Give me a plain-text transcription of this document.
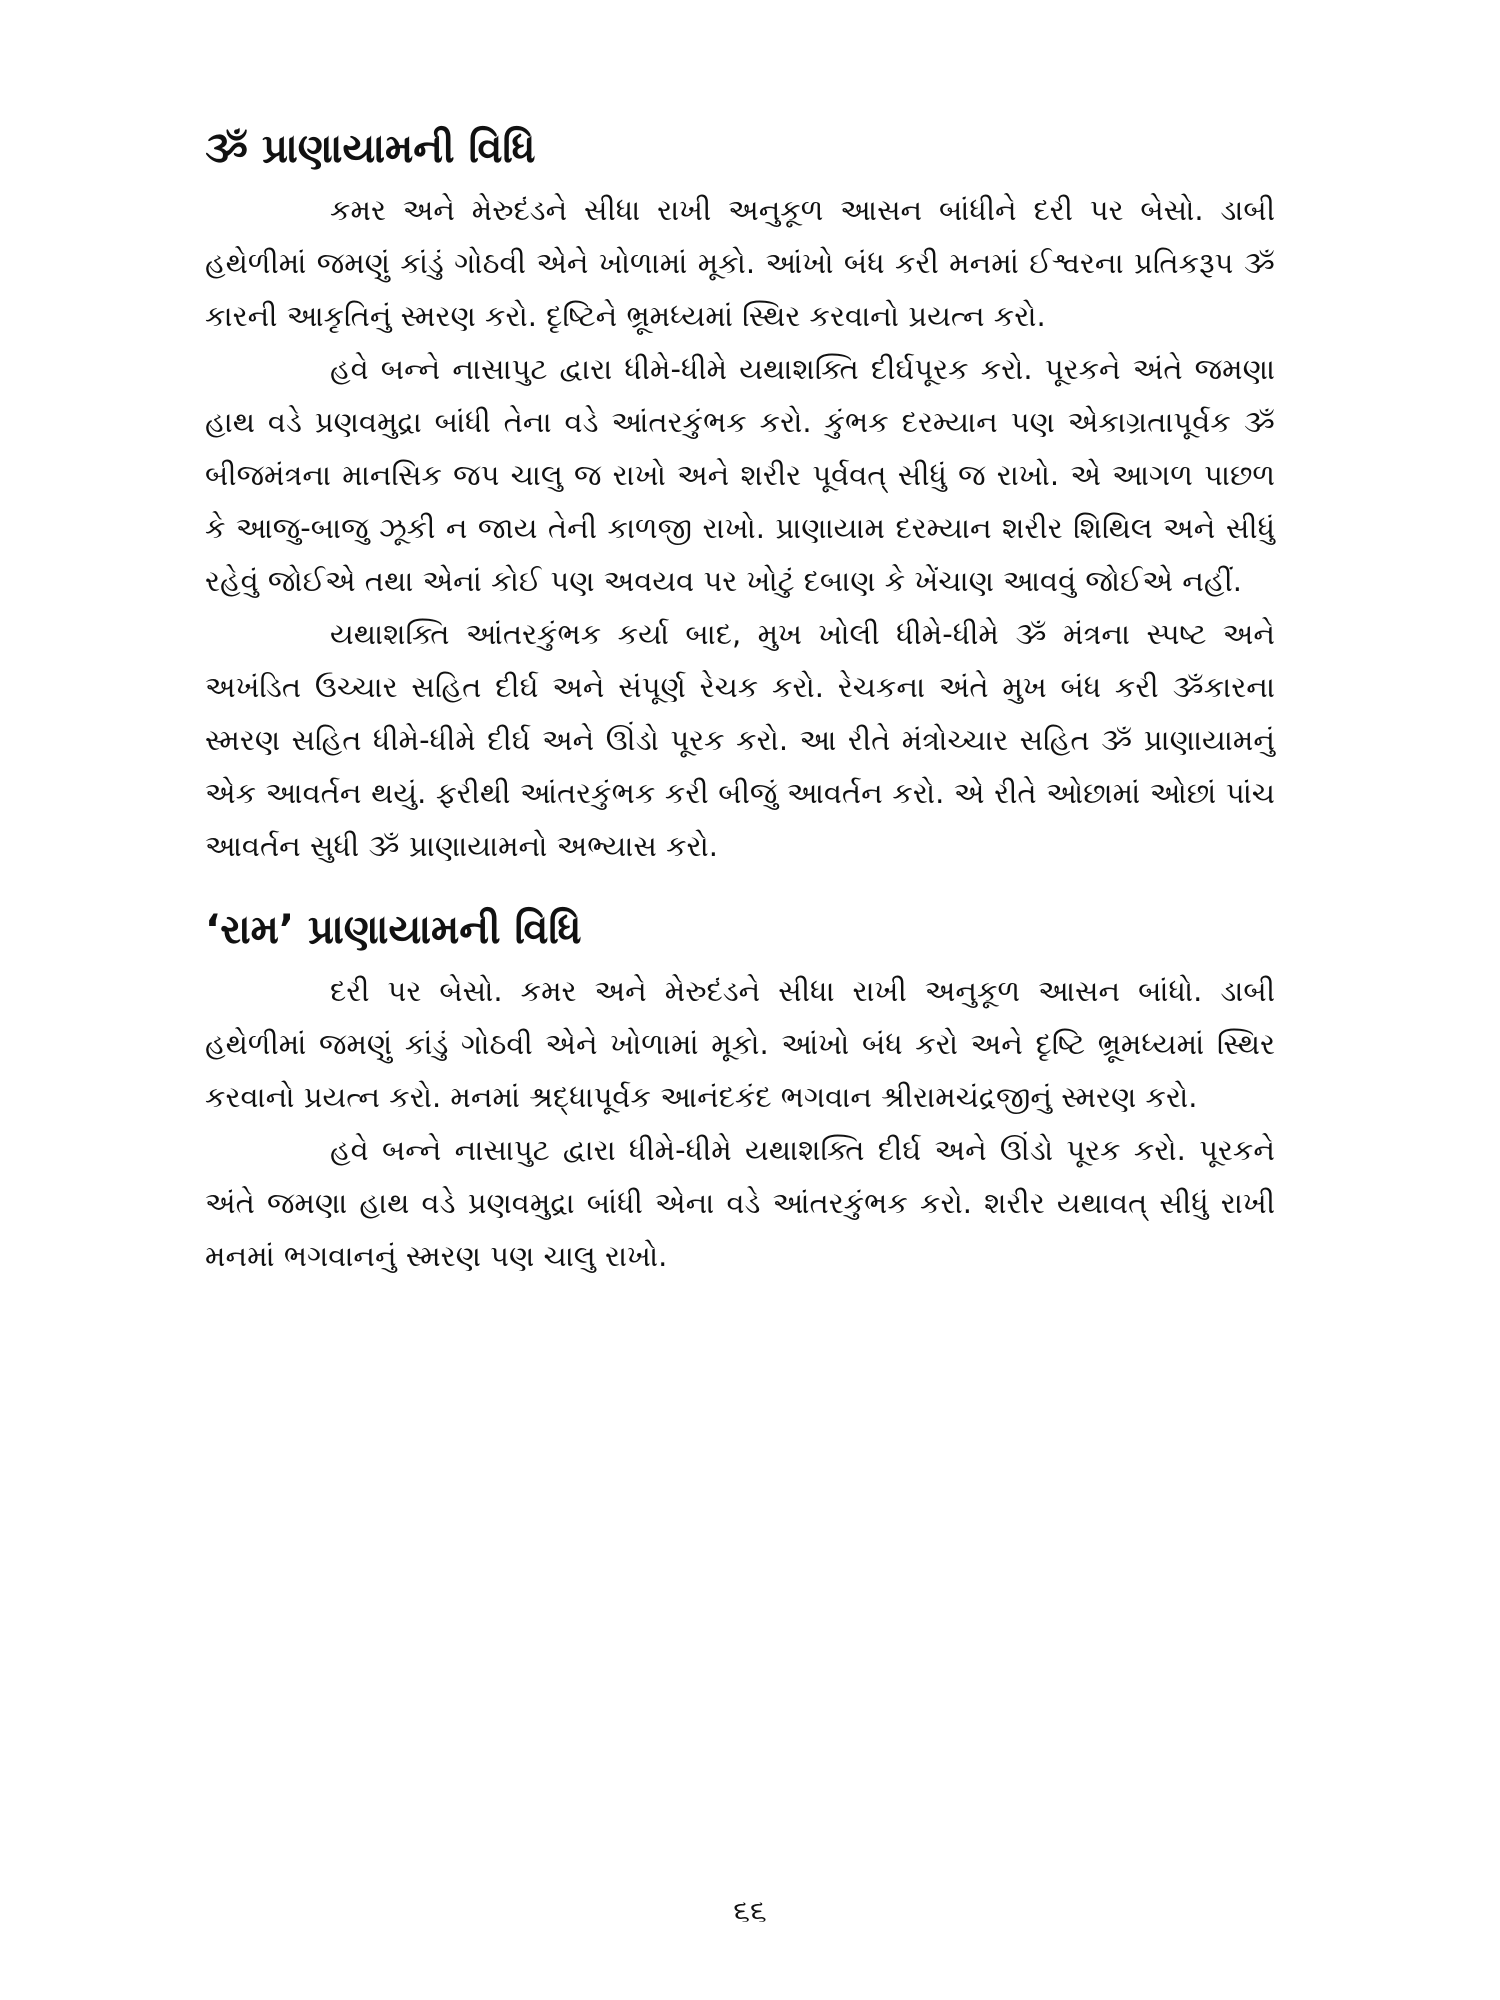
ૐ પ્રાણાયામની વિધિ

કમર અને મેરુદંડને સીધા રાખી અનુકૂળ આસન બાંધીને દરી પર બેસો. ડાબી હથેળીમાં જમણું કાંડું ગોઠવી એને ખોળામાં મૂકો. આંખો બંધ કરી મનમાં ઈશ્વરના પ્રતિકરૂપ ૐ કારની આકૃતિનું સ્મરણ કરો. દૃષ્ટિને ભ્રૂમધ્યમાં સ્થિર કરવાનો પ્રયત્ન કરો.

હવે બન્ને નાસાપુટ દ્વારા ધીમે-ધીમે યથાશક્તિ દીર્ઘપૂરક કરો. પૂરકને અંતે જમણા હાથ વડે પ્રણવમુદ્રા બાંધી તેના વડે આંતરકુંભક કરો. કુંભક દરમ્યાન પણ એકાગ્રતાપૂર્વક ૐ બીજમંત્રના માનસિક જપ ચાલુ જ રાખો અને શરીર પૂર્વવત્ સીધું જ રાખો. એ આગળ પાછળ કે આજુ-બાજુ ઝૂકી ન જાય તેની કાળજી રાખો. પ્રાણાયામ દરમ્યાન શરીર શિથિલ અને સીધું રહેવું જોઈએ તથા એનાં કોઈ પણ અવયવ પર ખોટું દબાણ કે ખેંચાણ આવવું જોઈએ નહીં.

યથાશક્તિ આંતરકુંભક કર્યા બાદ, મુખ ખોલી ધીમે-ધીમે ૐ મંત્રના સ્પષ્ટ અને અખંડિત ઉચ્ચાર સહિત દીર્ઘ અને સંપૂર્ણ રેચક કરો. રેચકના અંતે મુખ બંધ કરી ૐકારના સ્મરણ સહિત ધીમે-ધીમે દીર્ઘ અને ઊંડો પૂરક કરો. આ રીતે મંત્રોચ્ચાર સહિત ૐ પ્રાણાયામનું એક આવર્તન થયું. ફરીથી આંતરકુંભક કરી બીજું આવર્તન કરો. એ રીતે ઓછામાં ઓછાં પાંચ આવર્તન સુધી ૐ પ્રાણાયામનો અભ્યાસ કરો.

‘રામ’ પ્રાણાયામની વિધિ

દરી પર બેસો. કમર અને મેરુદંડને સીધા રાખી અનુકૂળ આસન બાંધો. ડાબી હથેળીમાં જમણું કાંડું ગોઠવી એને ખોળામાં મૂકો. આંખો બંધ કરો અને દૃષ્ટિ ભ્રૂમધ્યમાં સ્થિર કરવાનો પ્રયત્ન કરો. મનમાં શ્રદ્ધાપૂર્વક આનંદકંદ ભગવાન શ્રીરામચંદ્રજીનું સ્મરણ કરો.

હવે બન્ને નાસાપુટ દ્વારા ધીમે-ધીમે યથાશક્તિ દીર્ઘ અને ઊંડો પૂરક કરો. પૂરકને અંતે જમણા હાથ વડે પ્રણવમુદ્રા બાંધી એના વડે આંતરકુંભક કરો. શરીર યથાવત્ સીધું રાખી મનમાં ભગવાનનું સ્મરણ પણ ચાલુ રાખો.

૬૬
